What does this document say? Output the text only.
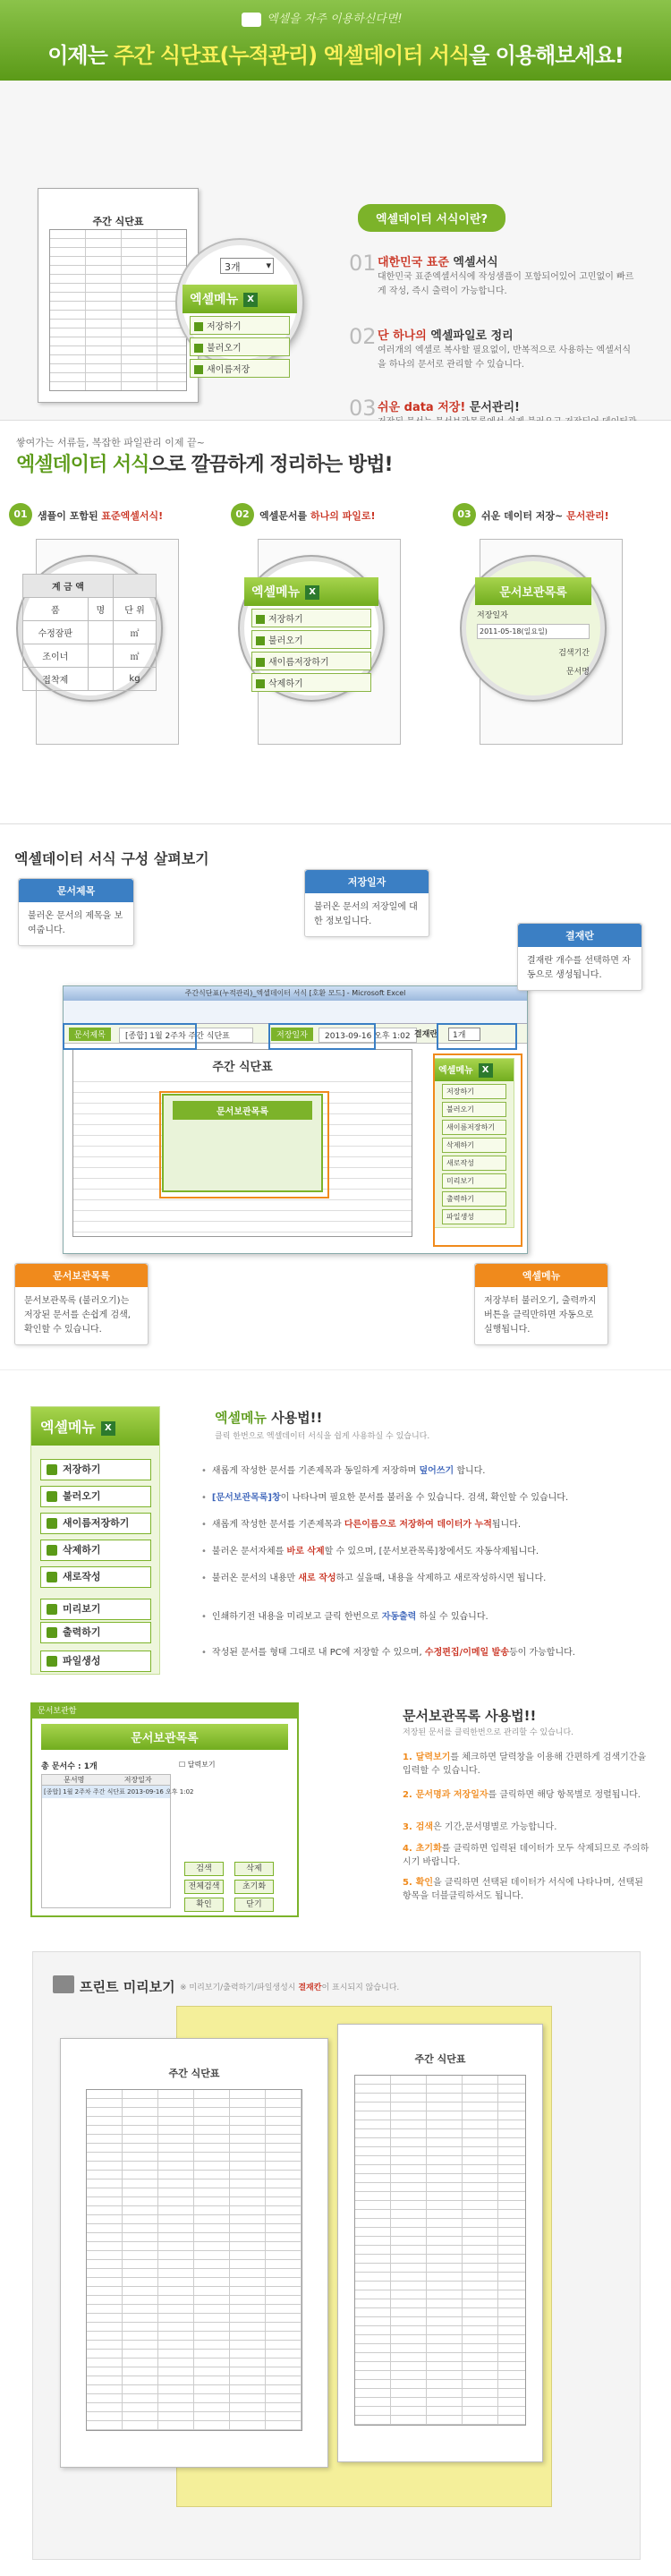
엑셀을 자주 이용하신다면!
이제는 주간 식단표(누적관리) 엑셀데이터 서식을 이용해보세요!
주간 식단표
3개	▾
엑셀메뉴 X
저장하기
불러오기
새이름저장
엑셀데이터 서식이란?
01 대한민국 표준 엑셀서식
대한민국 표준엑셀서식에 작성샘플이 포함되어있어 고민없이 빠르게 작성, 즉시 출력이 가능합니다.
02 단 하나의 엑셀파일로 정리
여러개의 엑셀로 복사할 필요없이, 반복적으로 사용하는 엑셀서식을 하나의 문서로 관리할 수 있습니다.
03 쉬운 data 저장! 문서관리!
쌓여가는 서류들, 복잡한 파일관리 이제 끝~
엑셀데이터 서식으로 깔끔하게 정리하는 방법!
01	샘플이 포함된 표준엑셀서식!
계 금 액		
품	명	단 위
수정잠판		㎡
조이너		㎡
접착제		kg
02	엑셀문서를 하나의 파일로!
엑셀메뉴 X
저장하기
불러오기
새이름저장하기
삭제하기
03	쉬운 데이터 저장~ 문서관리!
문서보관목록
저장일자
2011-05-18(일요일)
검색기간
문서명
엑셀데이터 서식 구성 살펴보기
주간식단표(누적관리)_엑셀데이터 서식 [호환 모드] - Microsoft Excel
문서제목	[종합] 1월 2주차 주간 식단표	저장일자	2013-09-16 오후 1:02 결재란	1개
주간 식단표
문서보관목록
엑셀메뉴 X
저장하기
불러오기
새이름저장하기
삭제하기
새로작성
미리보기
출력하기
파일생성
문서제목
불러온 문서의 제목을 보여줍니다.
저장일자
불러온 문서의 저장일에 대한 정보입니다.
결재란
결재란 개수를 선택하면 자동으로 생성됩니다.
문서보관목록
문서보관목록 (불러오기)는 저장된 문서를 손쉽게 검색, 확인할 수 있습니다.
엑셀메뉴
저장부터 불러오기, 출력까지 버튼을 클릭만하면 자동으로 실행됩니다.
엑셀메뉴 X
저장하기
불러오기
새이름저장하기
삭제하기
새로작성
미리보기
출력하기
파일생성
엑셀메뉴 사용법!!
클릭 한번으로 엑셀데이터 서식을 쉽게 사용하실 수 있습니다.
• 새롭게 작성한 문서를 기존제목과 동일하게 저장하며 덮어쓰기 합니다.
• [문서보관목록]창이 나타나며 필요한 문서를 불러올 수 있습니다. 검색, 확인할 수 있습니다.
• 새롭게 작성한 문서를 기존제목과 다른이름으로 저장하여 데이터가 누적됩니다.
• 불러온 문서자체를 바로 삭제할 수 있으며, [문서보관목록]창에서도 자동삭제됩니다.
• 불러온 문서의 내용만 새로 작성하고 싶을때, 내용을 삭제하고 새로작성하시면 됩니다.
• 인쇄하기전 내용을 미리보고 클릭 한번으로 자동출력 하실 수 있습니다.
• 작성된 문서를 형태 그대로 내 PC에 저장할 수 있으며, 수정편집/이메일 발송등이 가능합니다.
문서보관함
문서보관목록
총 문서수 : 1개
문서명	저장일자
[종합] 1월 2주차 주간 식단표 2013-09-16 오후 1:02
☐ 달력보기
검색	삭제
전체검색	초기화
확인	닫기
문서보관목록 사용법!!
저장된 문서를 클릭한번으로 관리할 수 있습니다.
1. 달력보기를 체크하면 달력창을 이용해 간편하게 검색기간을 입력할 수 있습니다.
2. 문서명과 저장일자를 클릭하면 해당 항목별로 정렬됩니다.
3. 검색은 기간,문서명별로 가능합니다.
4. 초기화를 클릭하면 입력된 데이터가 모두 삭제되므로 주의하시기 바랍니다.
5. 확인을 클릭하면 선택된 데이터가 서식에 나타나며, 선택된 항목을 더블클릭하셔도 됩니다.
프린트 미리보기 ※ 미리보기/출력하기/파일생성시 결재칸이 표시되지 않습니다.
주간 식단표
주간 식단표
